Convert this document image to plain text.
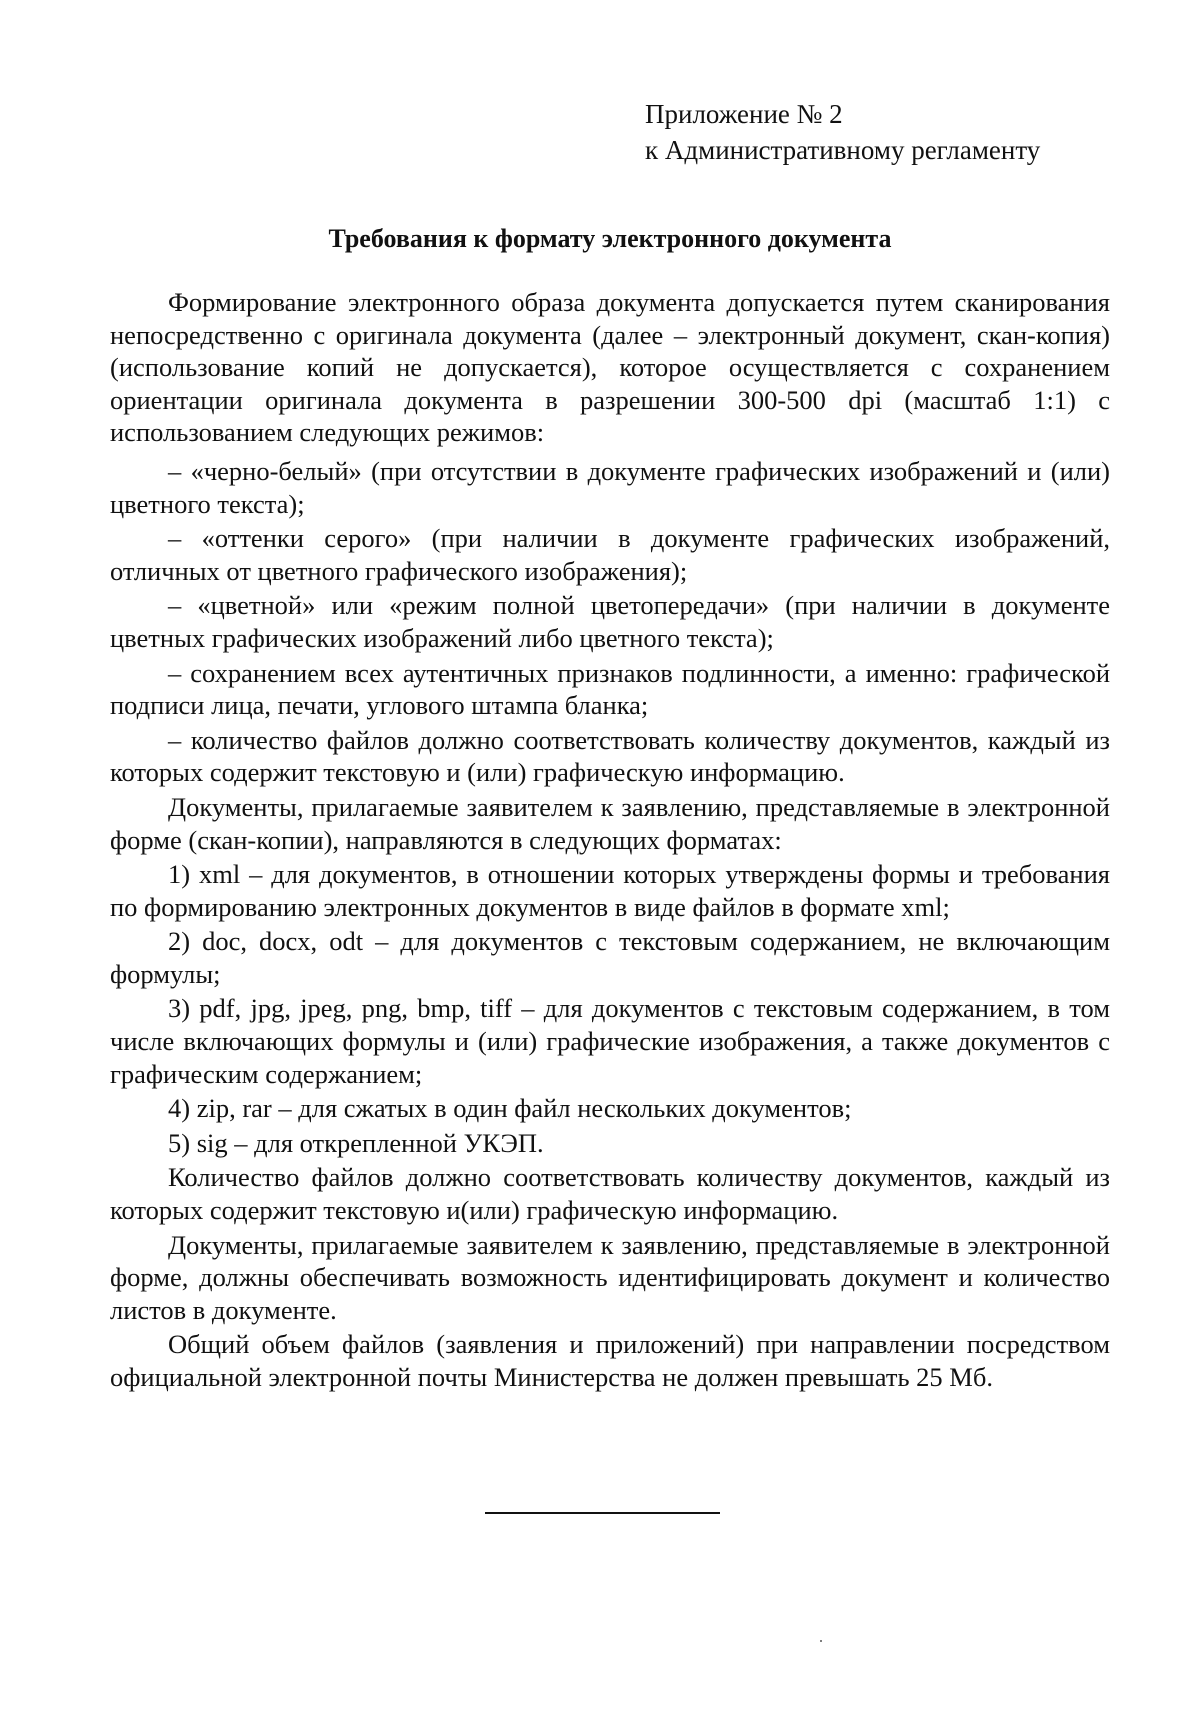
Приложение № 2
к Административному регламенту
Требования к формату электронного документа

Формирование электронного образа документа допускается путем сканирования непосредственно с оригинала документа (далее – электронный документ, скан-копия) (использование копий не допускается), которое осуществляется с сохранением ориентации оригинала документа в разрешении 300-500 dpi (масштаб 1:1) с использованием следующих режимов:

– «черно-белый» (при отсутствии в документе графических изображений и (или) цветного текста);

– «оттенки серого» (при наличии в документе графических изображений, отличных от цветного графического изображения);

– «цветной» или «режим полной цветопередачи» (при наличии в документе цветных графических изображений либо цветного текста);

– сохранением всех аутентичных признаков подлинности, а именно: графической подписи лица, печати, углового штампа бланка;

– количество файлов должно соответствовать количеству документов, каждый из которых содержит текстовую и (или) графическую информацию.

Документы, прилагаемые заявителем к заявлению, представляемые в электронной форме (скан-копии), направляются в следующих форматах:

1) xml – для документов, в отношении которых утверждены формы и требования по формированию электронных документов в виде файлов в формате xml;

2) doc, docx, odt – для документов с текстовым содержанием, не включающим формулы;

3) pdf, jpg, jpeg, png, bmp, tiff – для документов с текстовым содержанием, в том числе включающих формулы и (или) графические изображения, а также документов с графическим содержанием;

4) zip, rar – для сжатых в один файл нескольких документов;

5) sig – для открепленной УКЭП.

Количество файлов должно соответствовать количеству документов, каждый из которых содержит текстовую и(или) графическую информацию.

Документы, прилагаемые заявителем к заявлению, представляемые в электронной форме, должны обеспечивать возможность идентифицировать документ и количество листов в документе.

Общий объем файлов (заявления и приложений) при направлении посредством официальной электронной почты Министерства не должен превышать 25 Мб.
